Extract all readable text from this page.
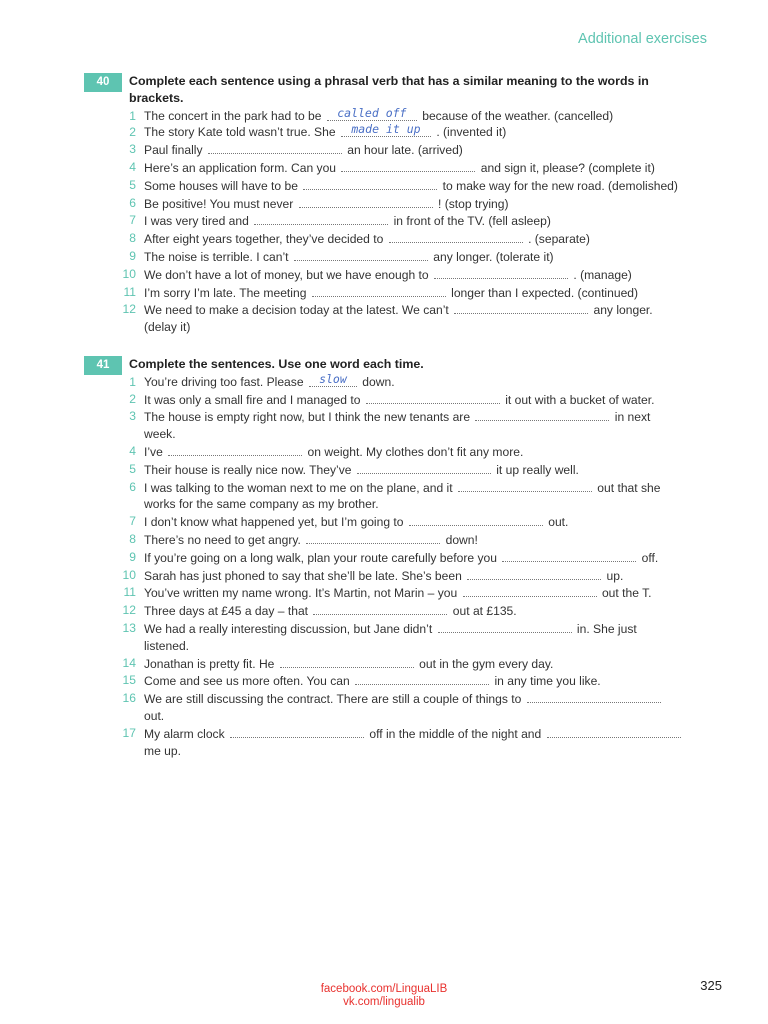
Additional exercises
40	Complete each sentence using a phrasal verb that has a similar meaning to the words in brackets.
1 The concert in the park had to be called off because of the weather. (cancelled)
2 The story Kate told wasn’t true. She made it up . (invented it)
3 Paul finally	an hour late. (arrived)
4 Here’s an application form. Can you	and sign it, please? (complete it)
5 Some houses will have to be	to make way for the new road. (demolished)
6 Be positive! You must never	! (stop trying)
7 I was very tired and	in front of the TV. (fell asleep)
8 After eight years together, they’ve decided to	. (separate)
9 The noise is terrible. I can’t	any longer. (tolerate it)
10 We don’t have a lot of money, but we have enough to	. (manage)
11 I’m sorry I’m late. The meeting	longer than I expected. (continued)
12 We need to make a decision today at the latest. We can’t	any longer. (delay it)
41	Complete the sentences. Use one word each time.
1 You’re driving too fast. Please slow down.
2 It was only a small fire and I managed to	it out with a bucket of water.
3 The house is empty right now, but I think the new tenants are	in next week.
4 I’ve	on weight. My clothes don’t fit any more.
5 Their house is really nice now. They’ve	it up really well.
6 I was talking to the woman next to me on the plane, and it	out that she works for the same company as my brother.
7 I don’t know what happened yet, but I’m going to	out.
8 There’s no need to get angry.	down!
9 If you’re going on a long walk, plan your route carefully before you	off.
10 Sarah has just phoned to say that she’ll be late. She’s been	up.
11 You’ve written my name wrong. It’s Martin, not Marin – you	out the T.
12 Three days at £45 a day – that	out at £135.
13 We had a really interesting discussion, but Jane didn’t	in. She just listened.
14 Jonathan is pretty fit. He	out in the gym every day.
15 Come and see us more often. You can	in any time you like.
16 We are still discussing the contract. There are still a couple of things to  out.
17 My alarm clock	off in the middle of the night and  me up.
facebook.com/LinguaLIB
vk.com/lingualib
325
